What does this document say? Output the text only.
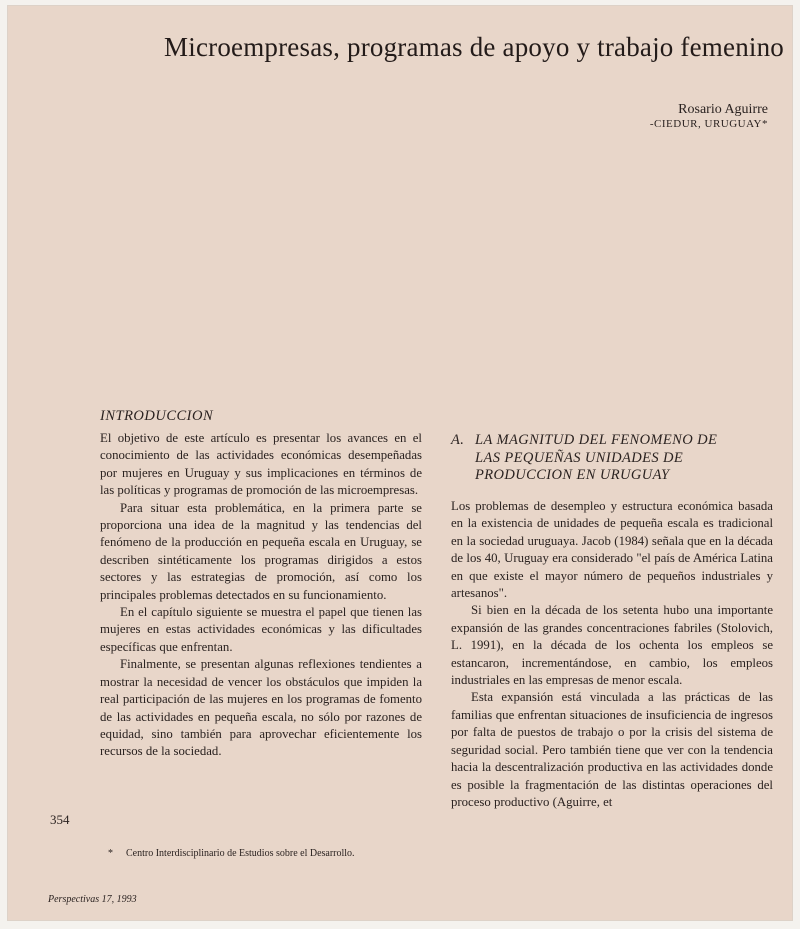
Microempresas, programas de apoyo y trabajo femenino
Rosario Aguirre
-CIEDUR, URUGUAY*
INTRODUCCION

El objetivo de este artículo es presentar los avances en el conocimiento de las actividades económicas desempeñadas por mujeres en Uruguay y sus implicaciones en términos de las políticas y programas de promoción de las microempresas.

Para situar esta problemática, en la primera parte se proporciona una idea de la magnitud y las tendencias del fenómeno de la producción en pequeña escala en Uruguay, se describen sintéticamente los programas dirigidos a estos sectores y las estrategias de promoción, así como los principales problemas detectados en su funcionamiento.

En el capítulo siguiente se muestra el papel que tienen las mujeres en estas actividades económicas y las dificultades específicas que enfrentan.

Finalmente, se presentan algunas reflexiones tendientes a mostrar la necesidad de vencer los obstáculos que impiden la real participación de las mujeres en los programas de fomento de las actividades en pequeña escala, no sólo por razones de equidad, sino también para aprovechar eficientemente los recursos de la sociedad.

A. LA MAGNITUD DEL FENOMENO DE
LAS PEQUEÑAS UNIDADES DE
PRODUCCION EN URUGUAY

Los problemas de desempleo y estructura económica basada en la existencia de unidades de pequeña escala es tradicional en la sociedad uruguaya. Jacob (1984) señala que en la década de los 40, Uruguay era considerado "el país de América Latina en que existe el mayor número de pequeños industriales y artesanos".

Si bien en la década de los setenta hubo una importante expansión de las grandes concentraciones fabriles (Stolovich, L. 1991), en la década de los ochenta los empleos se estancaron, incrementándose, en cambio, los empleos industriales en las empresas de menor escala.

Esta expansión está vinculada a las prácticas de las familias que enfrentan situaciones de insuficiencia de ingresos por falta de puestos de trabajo o por la crisis del sistema de seguridad social. Pero también tiene que ver con la tendencia hacia la descentralización productiva en las actividades donde es posible la fragmentación de las distintas operaciones del proceso productivo (Aguirre, et

354
* Centro Interdisciplinario de Estudios sobre el Desarrollo.
Perspectivas 17, 1993
